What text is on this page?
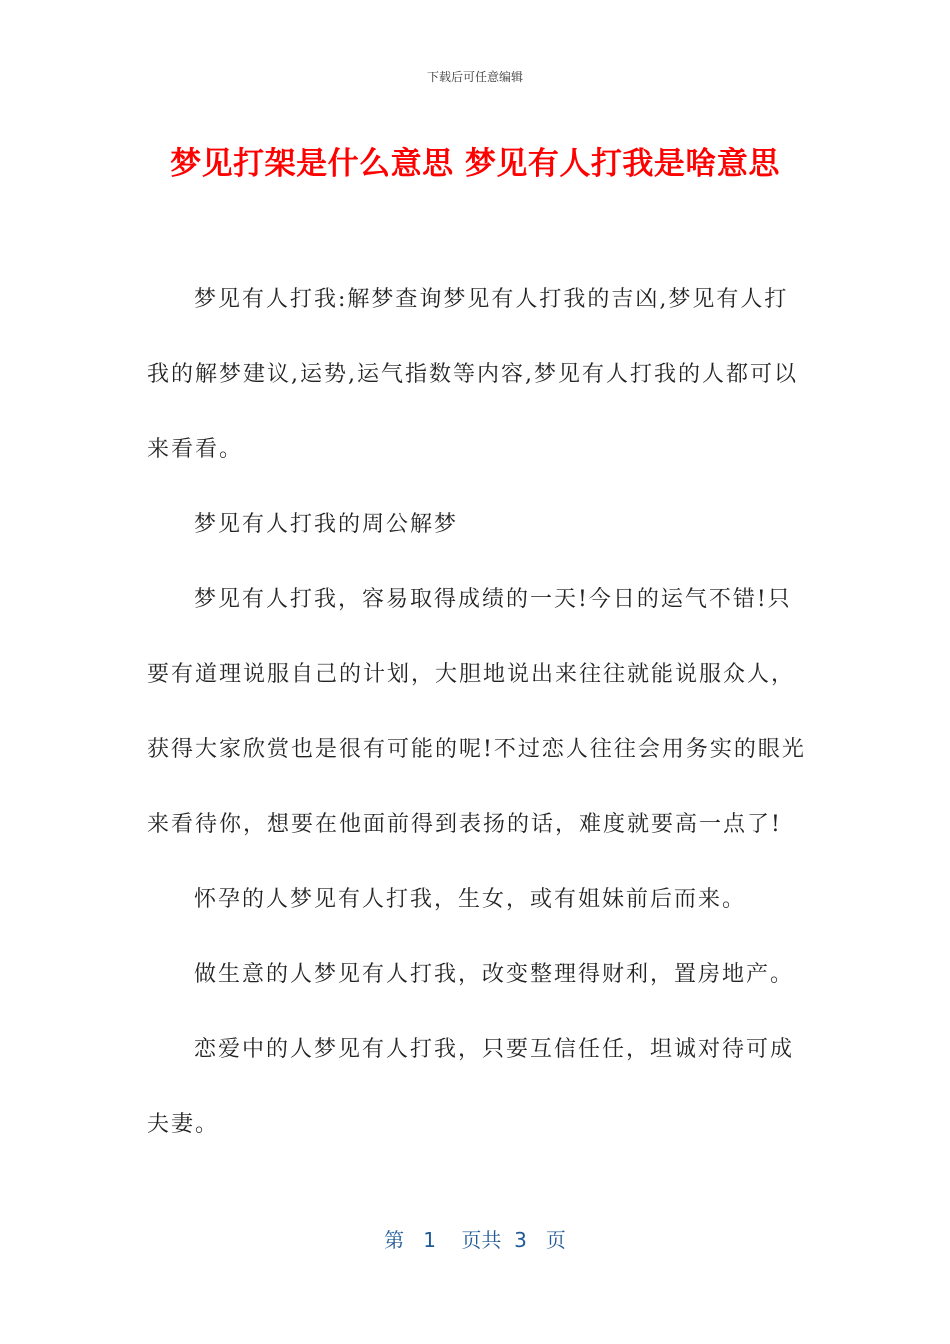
下载后可任意编辑
梦见打架是什么意思 梦见有人打我是啥意思

梦见有人打我:解梦查询梦见有人打我的吉凶,梦见有人打我的解梦建议,运势,运气指数等内容,梦见有人打我的人都可以来看看。

梦见有人打我的周公解梦

梦见有人打我，容易取得成绩的一天!今日的运气不错!只要有道理说服自己的计划，大胆地说出来往往就能说服众人，获得大家欣赏也是很有可能的呢!不过恋人往往会用务实的眼光来看待你，想要在他面前得到表扬的话，难度就要高一点了!

怀孕的人梦见有人打我，生女，或有姐妹前后而来。

做生意的人梦见有人打我，改变整理得财利，置房地产。

恋爱中的人梦见有人打我，只要互信任任，坦诚对待可成夫妻。

第 1 页共 3 页
